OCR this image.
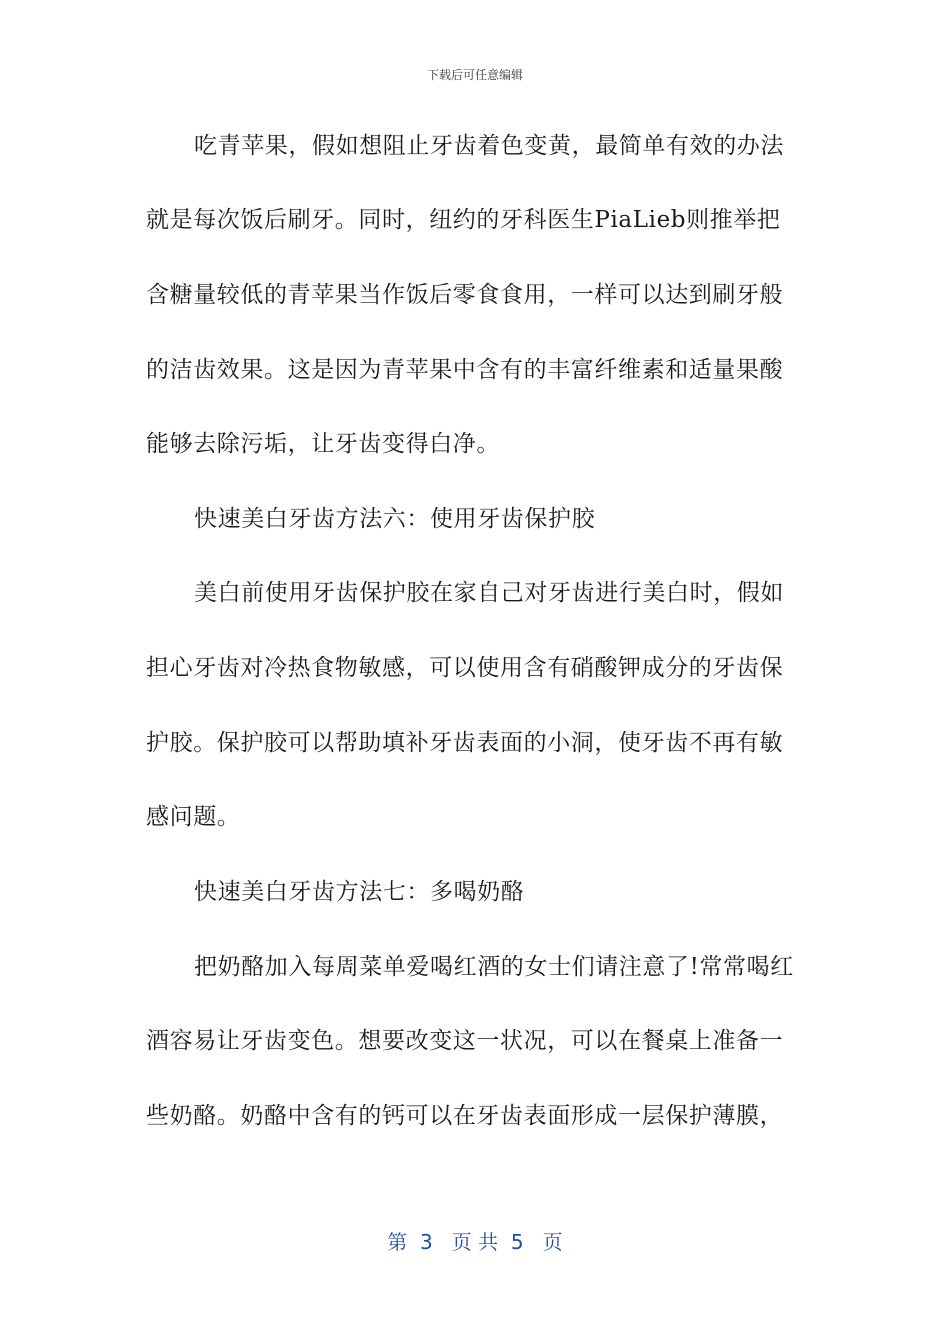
下载后可任意编辑
吃青苹果，假如想阻止牙齿着色变黄，最简单有效的办法
就是每次饭后刷牙。同时，纽约的牙科医生PiaLieb则推举把
含糖量较低的青苹果当作饭后零食食用，一样可以达到刷牙般
的洁齿效果。这是因为青苹果中含有的丰富纤维素和适量果酸
能够去除污垢，让牙齿变得白净。
快速美白牙齿方法六：使用牙齿保护胶
美白前使用牙齿保护胶在家自己对牙齿进行美白时，假如
担心牙齿对冷热食物敏感，可以使用含有硝酸钾成分的牙齿保
护胶。保护胶可以帮助填补牙齿表面的小洞，使牙齿不再有敏
感问题。
快速美白牙齿方法七：多喝奶酪
把奶酪加入每周菜单爱喝红酒的女士们请注意了!常常喝红
酒容易让牙齿变色。想要改变这一状况，可以在餐桌上准备一
些奶酪。奶酪中含有的钙可以在牙齿表面形成一层保护薄膜，
第  3   页 共  5   页
